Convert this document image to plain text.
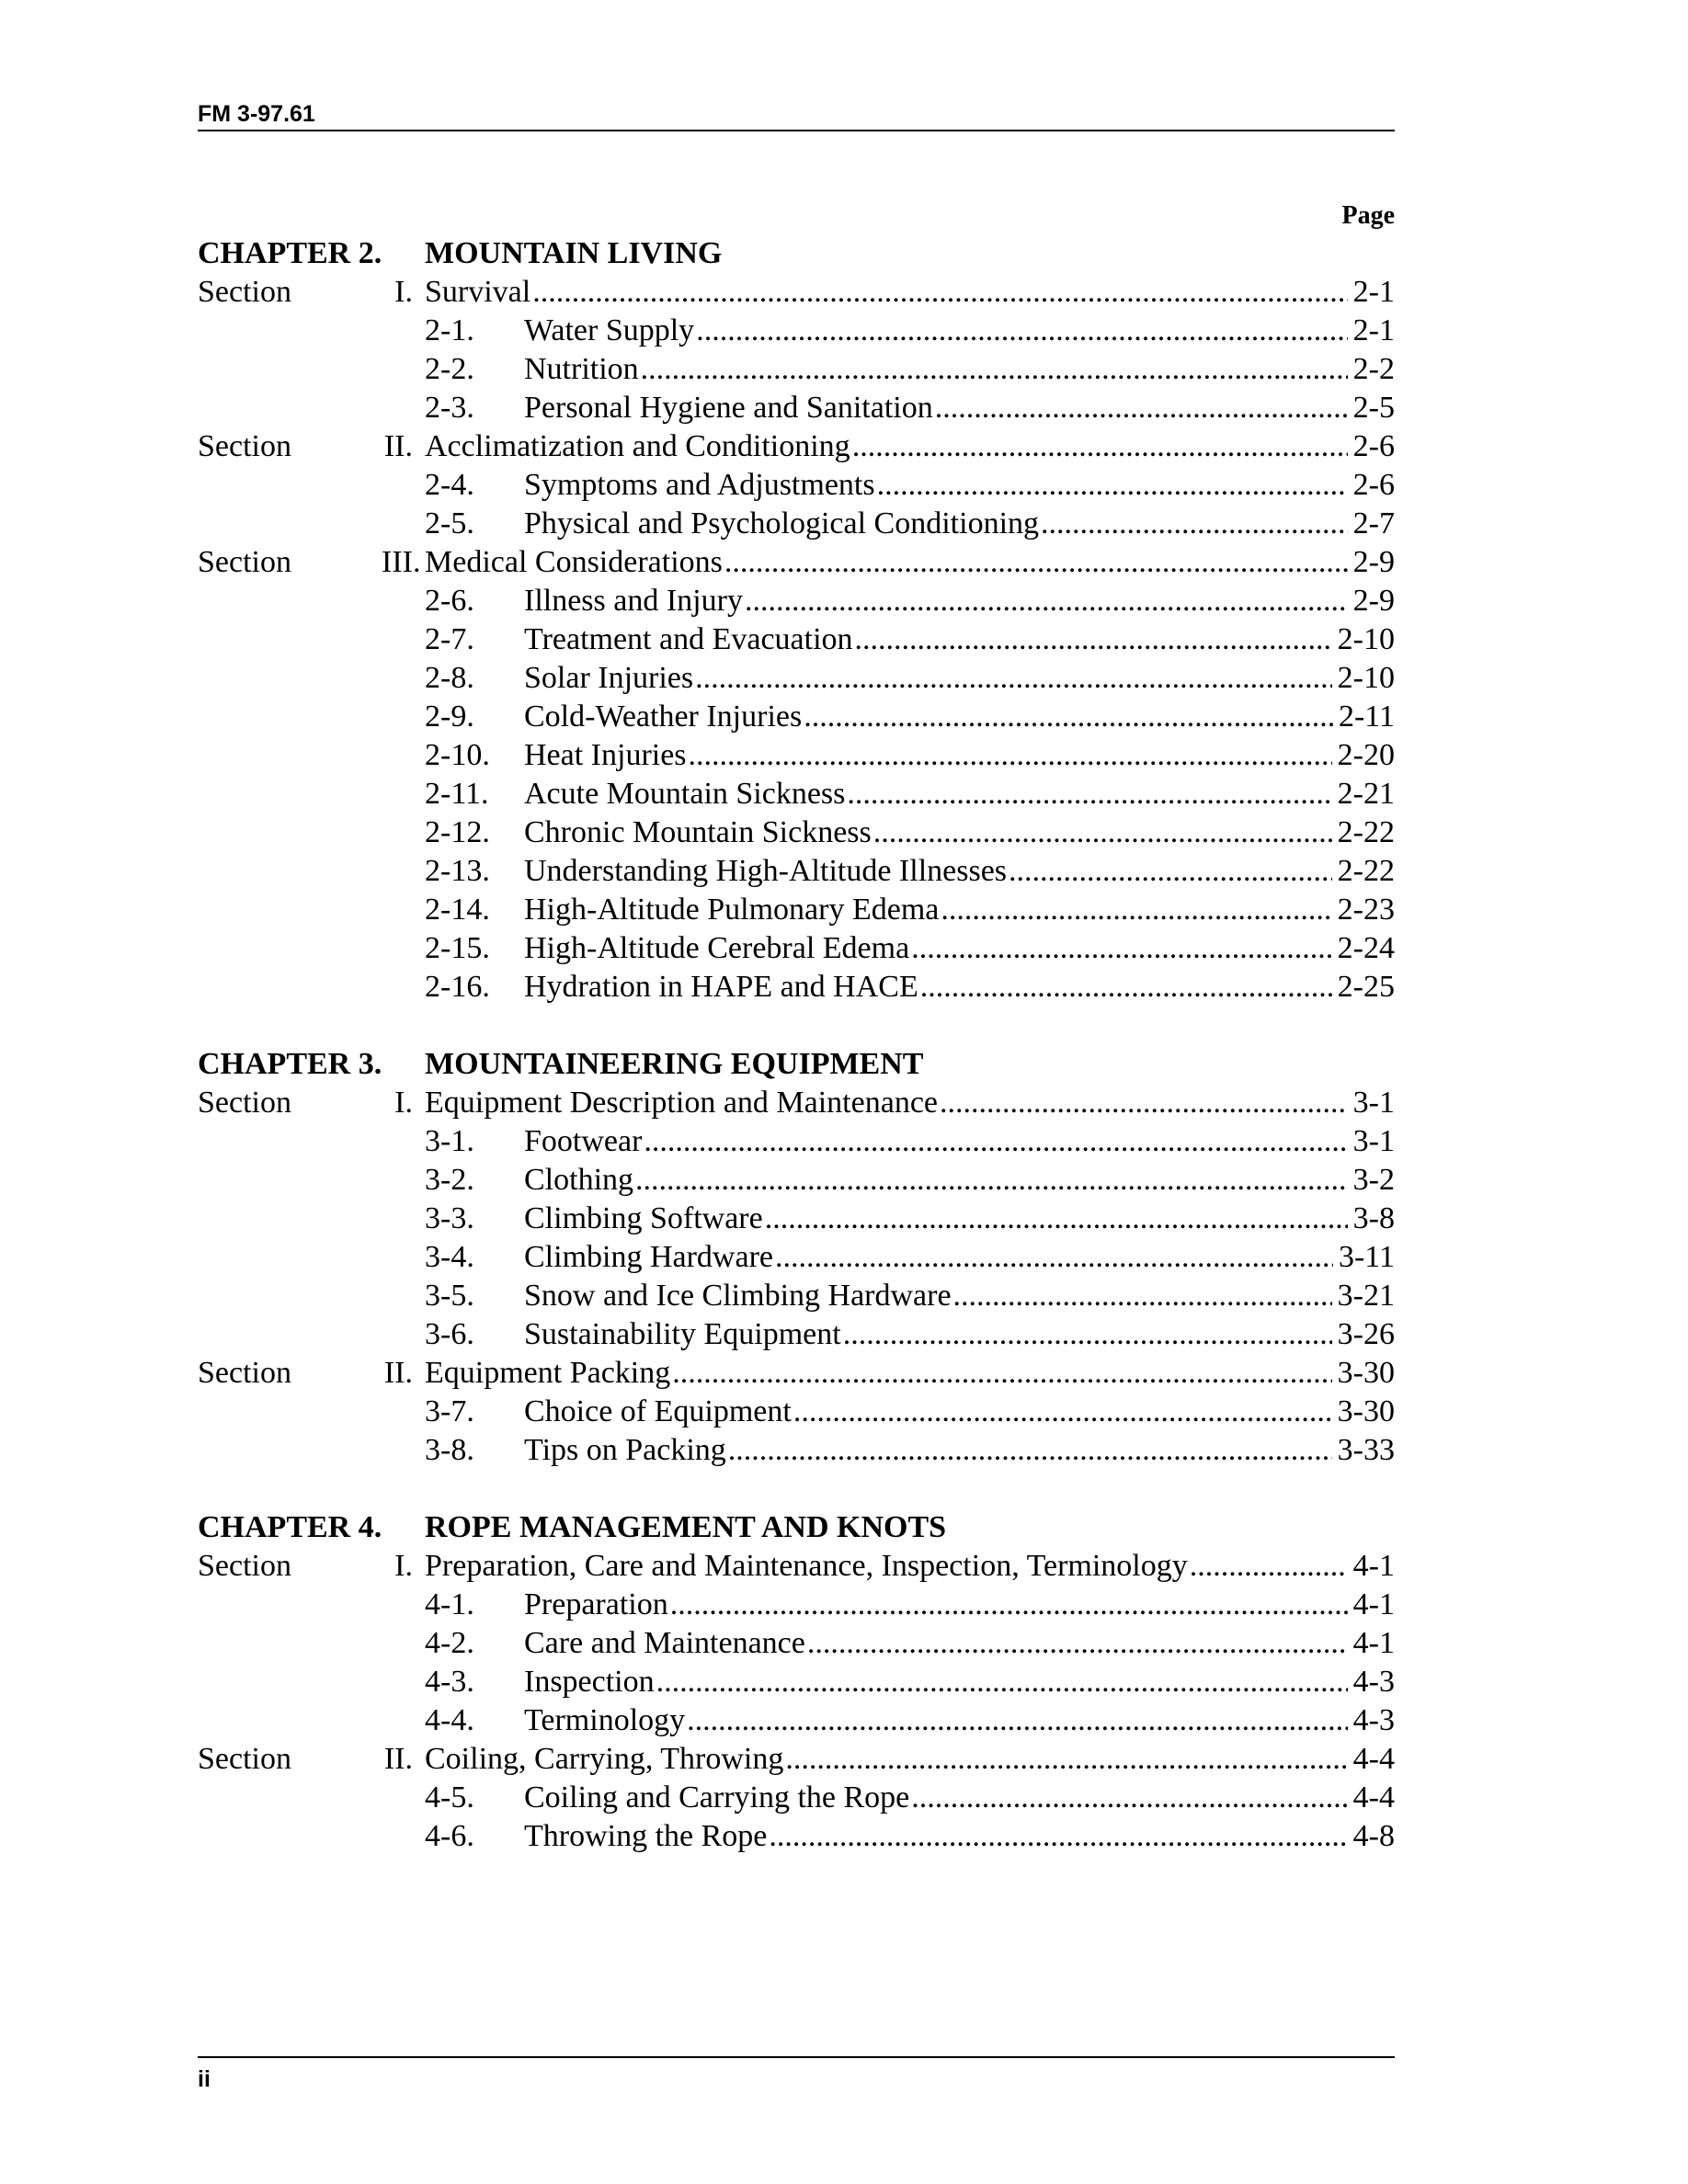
FM 3-97.61
Page
CHAPTER 2. MOUNTAIN LIVING
Section	I. Survival .....	2-1
2-1. Water Supply .....	2-1
2-2. Nutrition .....	2-2
2-3. Personal Hygiene and Sanitation .....	2-5
Section	II. Acclimatization and Conditioning .....	2-6
2-4. Symptoms and Adjustments .....	2-6
2-5. Physical and Psychological Conditioning .....	2-7
Section	III. Medical Considerations .....	2-9
2-6. Illness and Injury .....	2-9
2-7. Treatment and Evacuation .....	2-10
2-8. Solar Injuries .....	2-10
2-9. Cold-Weather Injuries .....	2-11
2-10. Heat Injuries .....	2-20
2-11. Acute Mountain Sickness .....	2-21
2-12. Chronic Mountain Sickness .....	2-22
2-13. Understanding High-Altitude Illnesses .....	2-22
2-14. High-Altitude Pulmonary Edema .....	2-23
2-15. High-Altitude Cerebral Edema .....	2-24
2-16. Hydration in HAPE and HACE .....	2-25
CHAPTER 3. MOUNTAINEERING EQUIPMENT
Section	I. Equipment Description and Maintenance .....	3-1
3-1. Footwear .....	3-1
3-2. Clothing .....	3-2
3-3. Climbing Software .....	3-8
3-4. Climbing Hardware .....	3-11
3-5. Snow and Ice Climbing Hardware .....	3-21
3-6. Sustainability Equipment .....	3-26
Section	II. Equipment Packing .....	3-30
3-7. Choice of Equipment .....	3-30
3-8. Tips on Packing .....	3-33
CHAPTER 4. ROPE MANAGEMENT AND KNOTS
Section	I. Preparation, Care and Maintenance, Inspection, Terminology .....	4-1
4-1. Preparation .....	4-1
4-2. Care and Maintenance .....	4-1
4-3. Inspection .....	4-3
4-4. Terminology .....	4-3
Section	II. Coiling, Carrying, Throwing .....	4-4
4-5. Coiling and Carrying the Rope .....	4-4
4-6. Throwing the Rope .....	4-8
ii
